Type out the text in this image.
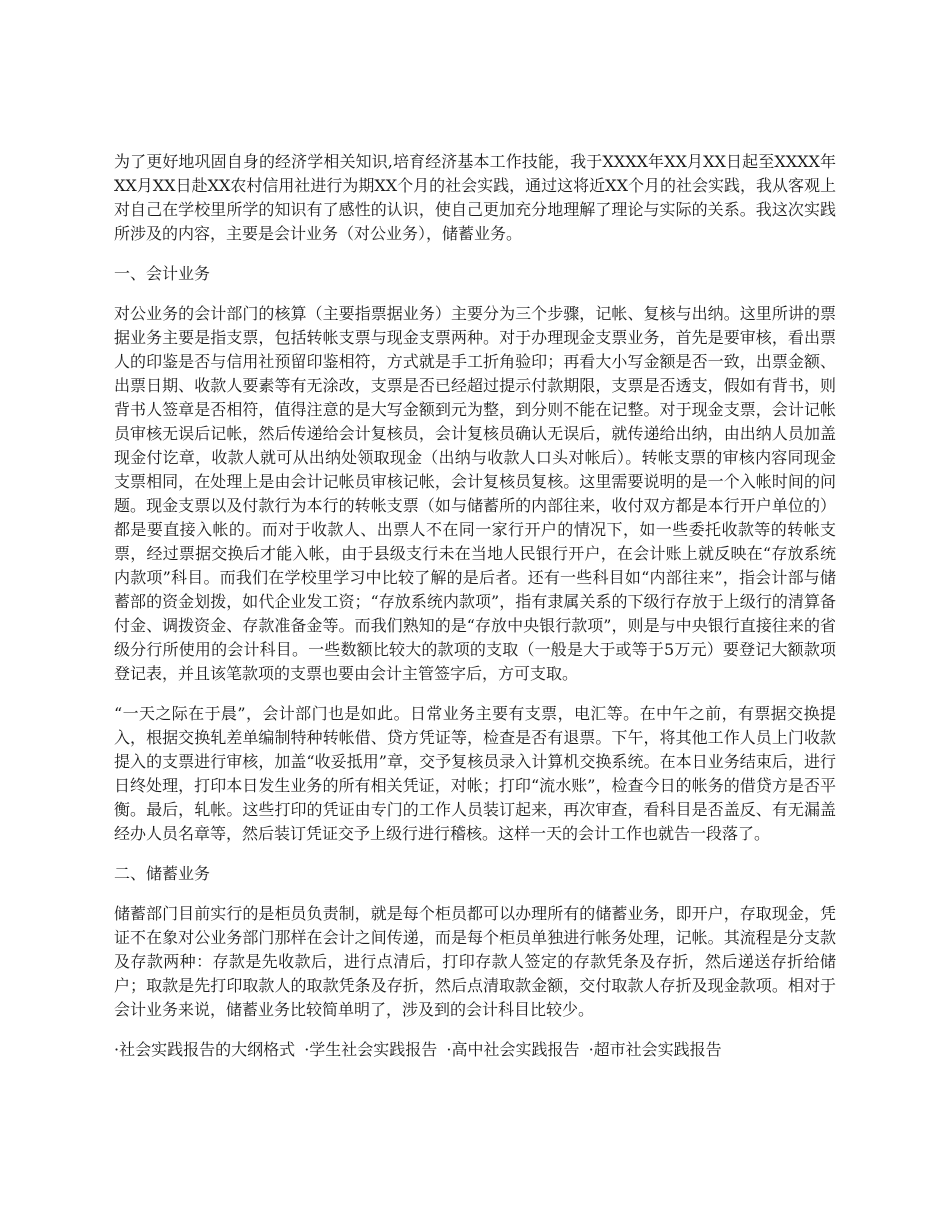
为了更好地巩固自身的经济学相关知识,培育经济基本工作技能，我于XXXX年XX月XX日起至XXXX年XX月XX日赴XX农村信用社进行为期XX个月的社会实践，通过这将近XX个月的社会实践，我从客观上对自己在学校里所学的知识有了感性的认识，使自己更加充分地理解了理论与实际的关系。我这次实践所涉及的内容，主要是会计业务（对公业务），储蓄业务。

一、会计业务

对公业务的会计部门的核算（主要指票据业务）主要分为三个步骤，记帐、复核与出纳。这里所讲的票据业务主要是指支票，包括转帐支票与现金支票两种。对于办理现金支票业务，首先是要审核，看出票人的印鉴是否与信用社预留印鉴相符，方式就是手工折角验印；再看大小写金额是否一致，出票金额、出票日期、收款人要素等有无涂改，支票是否已经超过提示付款期限，支票是否透支，假如有背书，则背书人签章是否相符，值得注意的是大写金额到元为整，到分则不能在记整。对于现金支票，会计记帐员审核无误后记帐，然后传递给会计复核员，会计复核员确认无误后，就传递给出纳，由出纳人员加盖现金付讫章，收款人就可从出纳处领取现金（出纳与收款人口头对帐后）。转帐支票的审核内容同现金支票相同，在处理上是由会计记帐员审核记帐，会计复核员复核。这里需要说明的是一个入帐时间的问题。现金支票以及付款行为本行的转帐支票（如与储蓄所的内部往来，收付双方都是本行开户单位的）都是要直接入帐的。而对于收款人、出票人不在同一家行开户的情况下，如一些委托收款等的转帐支票，经过票据交换后才能入帐，由于县级支行未在当地人民银行开户，在会计账上就反映在“存放系统内款项”科目。而我们在学校里学习中比较了解的是后者。还有一些科目如“内部往来”，指会计部与储蓄部的资金划拨，如代企业发工资；“存放系统内款项”，指有隶属关系的下级行存放于上级行的清算备付金、调拨资金、存款准备金等。而我们熟知的是“存放中央银行款项”，则是与中央银行直接往来的省级分行所使用的会计科目。一些数额比较大的款项的支取（一般是大于或等于5万元）要登记大额款项登记表，并且该笔款项的支票也要由会计主管签字后，方可支取。

“一天之际在于晨”，会计部门也是如此。日常业务主要有支票，电汇等。在中午之前，有票据交换提入，根据交换轧差单编制特种转帐借、贷方凭证等，检查是否有退票。下午，将其他工作人员上门收款提入的支票进行审核，加盖“收妥抵用”章，交予复核员录入计算机交换系统。在本日业务结束后，进行日终处理，打印本日发生业务的所有相关凭证，对帐；打印“流水账”，检查今日的帐务的借贷方是否平衡。最后，轧帐。这些打印的凭证由专门的工作人员装订起来，再次审查，看科目是否盖反、有无漏盖经办人员名章等，然后装订凭证交予上级行进行稽核。这样一天的会计工作也就告一段落了。

二、储蓄业务

储蓄部门目前实行的是柜员负责制，就是每个柜员都可以办理所有的储蓄业务，即开户，存取现金，凭证不在象对公业务部门那样在会计之间传递，而是每个柜员单独进行帐务处理，记帐。其流程是分支款及存款两种：存款是先收款后，进行点清后，打印存款人签定的存款凭条及存折，然后递送存折给储户；取款是先打印取款人的取款凭条及存折，然后点清取款金额，交付取款人存折及现金款项。相对于会计业务来说，储蓄业务比较简单明了，涉及到的会计科目比较少。

·社会实践报告的大纲格式 ·学生社会实践报告 ·高中社会实践报告 ·超市社会实践报告
